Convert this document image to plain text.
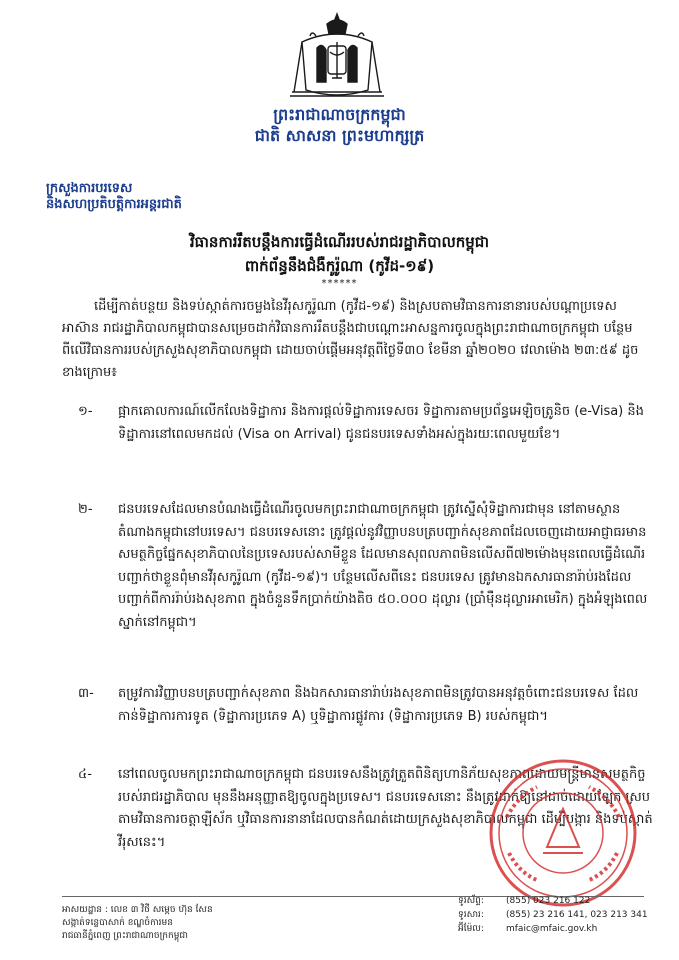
ព្រះរាជាណាចក្រកម្ពុជា
ជាតិ សាសនា ព្រះមហាក្សត្រ
ក្រសួងការបរទេស
និងសហប្រតិបត្តិការអន្តរជាតិ
វិធានការរឹតបន្តឹងការធ្វើដំណើររបស់រាជរដ្ឋាភិបាលកម្ពុជា
ពាក់ព័ន្ធនឹងជំងឺកូរ៉ូណា (កូវីដ-១៩)
******
ដើម្បីកាត់បន្ថយ និងទប់ស្កាត់ការចម្លងនៃវីរុសកូរ៉ូណា (កូវីដ-១៩) និងស្របតាមវិធានការនានារបស់បណ្តាប្រទេសអាស៊ាន រាជរដ្ឋាភិបាលកម្ពុជាបានសម្រេចដាក់វិធានការរឹតបន្តឹងជាបណ្តោះអាសន្នការចូលក្នុងព្រះរាជាណាចក្រកម្ពុជា បន្ថែមពីលើវិធានការរបស់ក្រសួងសុខាភិបាលកម្ពុជា ដោយចាប់ផ្តើមអនុវត្តពីថ្ងៃទី៣០ ខែមីនា ឆ្នាំ២០២០ វេលាម៉ោង ២៣:៥៩ ដូចខាងក្រោម៖
១- ផ្អាកគោលការណ៍លើកលែងទិដ្ឋាការ និងការផ្តល់ទិដ្ឋាការទេសចរ ទិដ្ឋាការតាមប្រព័ន្ធអេឡិចត្រូនិច (e-Visa) និងទិដ្ឋាការនៅពេលមកដល់ (Visa on Arrival) ជូនជនបរទេសទាំងអស់ក្នុងរយៈពេលមួយខែ។
២- ជនបរទេសដែលមានបំណងធ្វើដំណើរចូលមកព្រះរាជាណាចក្រកម្ពុជា ត្រូវស្នើសុំទិដ្ឋាការជាមុន នៅតាមស្ថានតំណាងកម្ពុជានៅបរទេស។ ជនបរទេសនោះ ត្រូវផ្តល់នូវវិញ្ញាបនបត្របញ្ជាក់សុខភាពដែលចេញដោយអាជ្ញាធរមានសមត្ថកិច្ចផ្នែកសុខាភិបាលនៃប្រទេសរបស់សាមីខ្លួន ដែលមានសុពលភាពមិនលើសពី៧២ម៉ោងមុនពេលធ្វើដំណើរ បញ្ជាក់ថាខ្លួនពុំមានវីរុសកូរ៉ូណា (កូវីដ-១៩)។ បន្ថែមលើសពីនេះ ជនបរទេស ត្រូវមានឯកសារធានារ៉ាប់រងដែលបញ្ជាក់ពីការរ៉ាប់រងសុខភាព ក្នុងចំនួនទឹកប្រាក់យ៉ាងតិច ៥០.០០០ ដុល្លារ (ប្រាំម៉ឺនដុល្លារអាមេរិក) ក្នុងអំឡុងពេលស្នាក់នៅកម្ពុជា។
៣- តម្រូវការវិញ្ញាបនបត្របញ្ជាក់សុខភាព និងឯកសារធានារ៉ាប់រងសុខភាពមិនត្រូវបានអនុវត្តចំពោះជនបរទេស ដែលកាន់ទិដ្ឋាការការទូត (ទិដ្ឋាការប្រភេទ A) ឬទិដ្ឋាការផ្លូវការ (ទិដ្ឋាការប្រភេទ B) របស់កម្ពុជា។
៤- នៅពេលចូលមកព្រះរាជាណាចក្រកម្ពុជា ជនបរទេសនឹងត្រូវត្រួតពិនិត្យហានិភ័យសុខភាពដោយមន្ត្រីមានសមត្ថកិច្ចរបស់រាជរដ្ឋាភិបាល មុននឹងអនុញ្ញាតឱ្យចូលក្នុងប្រទេស។ ជនបរទេសនោះ នឹងត្រូវដាក់ឱ្យនៅដាច់ដោយឡែក ស្របតាមវិធានការចត្តាឡីស័ក ឬវិធានការនានាដែលបានកំណត់ដោយក្រសួងសុខាភិបាលកម្ពុជា ដើម្បីបង្ការ និងទប់ស្កាត់វីរុសនេះ។
អាសយដ្ឋាន : លេខ ៣ វិថី សម្តេច ហ៊ុន សែន
សង្កាត់ទន្លេបាសាក់ ខណ្ឌចំការមន
រាជធានីភ្នំពេញ ព្រះរាជាណាចក្រកម្ពុជា
ទូរស័ព្ទ: (855) 023 216 122
ទូរសារ: (855) 23 216 141, 023 213 341
អ៊ីម៉ែល: mfaic@mfaic.gov.kh
